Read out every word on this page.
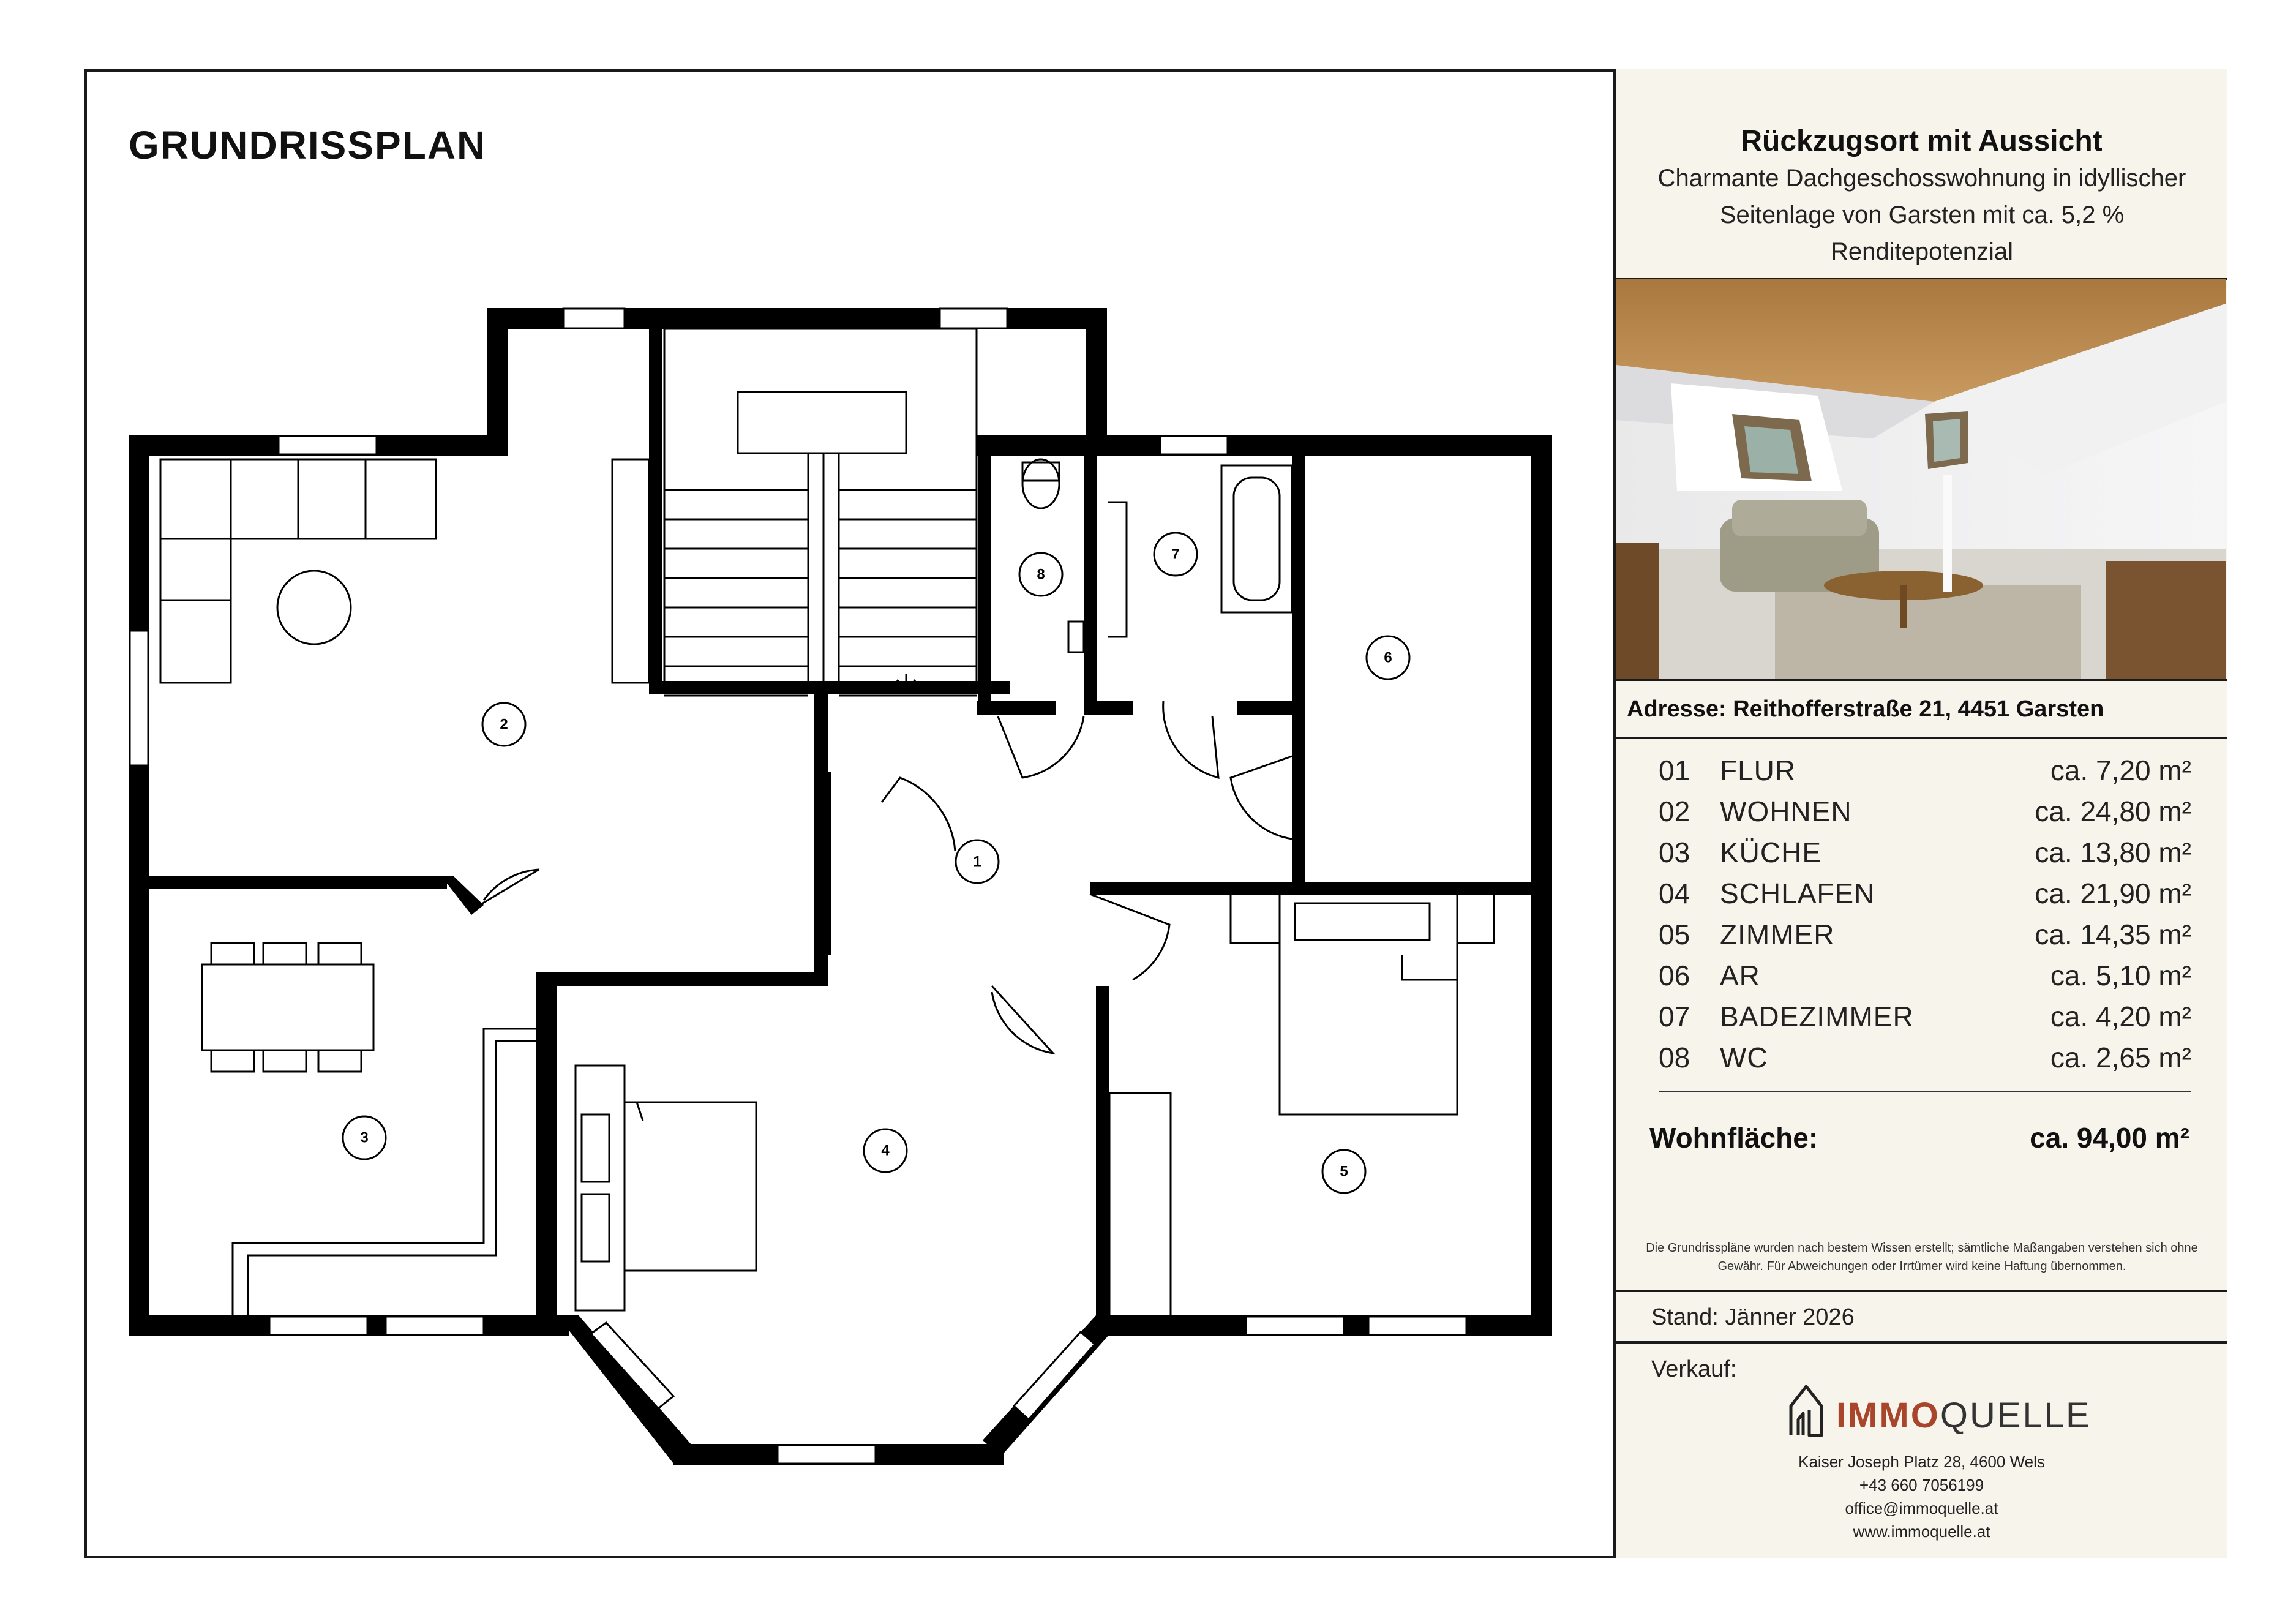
GRUNDRISSPLAN
1
2
3
4
5
6
7
8
Rückzugsort mit Aussicht
Charmante Dachgeschosswohnung in idyllischer Seitenlage von Garsten mit ca. 5,2 % Renditepotenzial
Adresse: Reithofferstraße 21, 4451 Garsten
01 FLUR	ca. 7,20 m²
02 WOHNEN	ca. 24,80 m²
03 KÜCHE	ca. 13,80 m²
04 SCHLAFEN	ca. 21,90 m²
05 ZIMMER	ca. 14,35 m²
06 AR	ca. 5,10 m²
07 BADEZIMMER	ca. 4,20 m²
08 WC	ca. 2,65 m²
Wohnfläche:	ca. 94,00 m²
Die Grundrisspläne wurden nach bestem Wissen erstellt; sämtliche Maßangaben verstehen sich ohne Gewähr. Für Abweichungen oder Irrtümer wird keine Haftung übernommen.
Stand: Jänner 2026
Verkauf:
IMMOQUELLE
Kaiser Joseph Platz 28, 4600 Wels
+43 660 7056199
office@immoquelle.at
www.immoquelle.at
